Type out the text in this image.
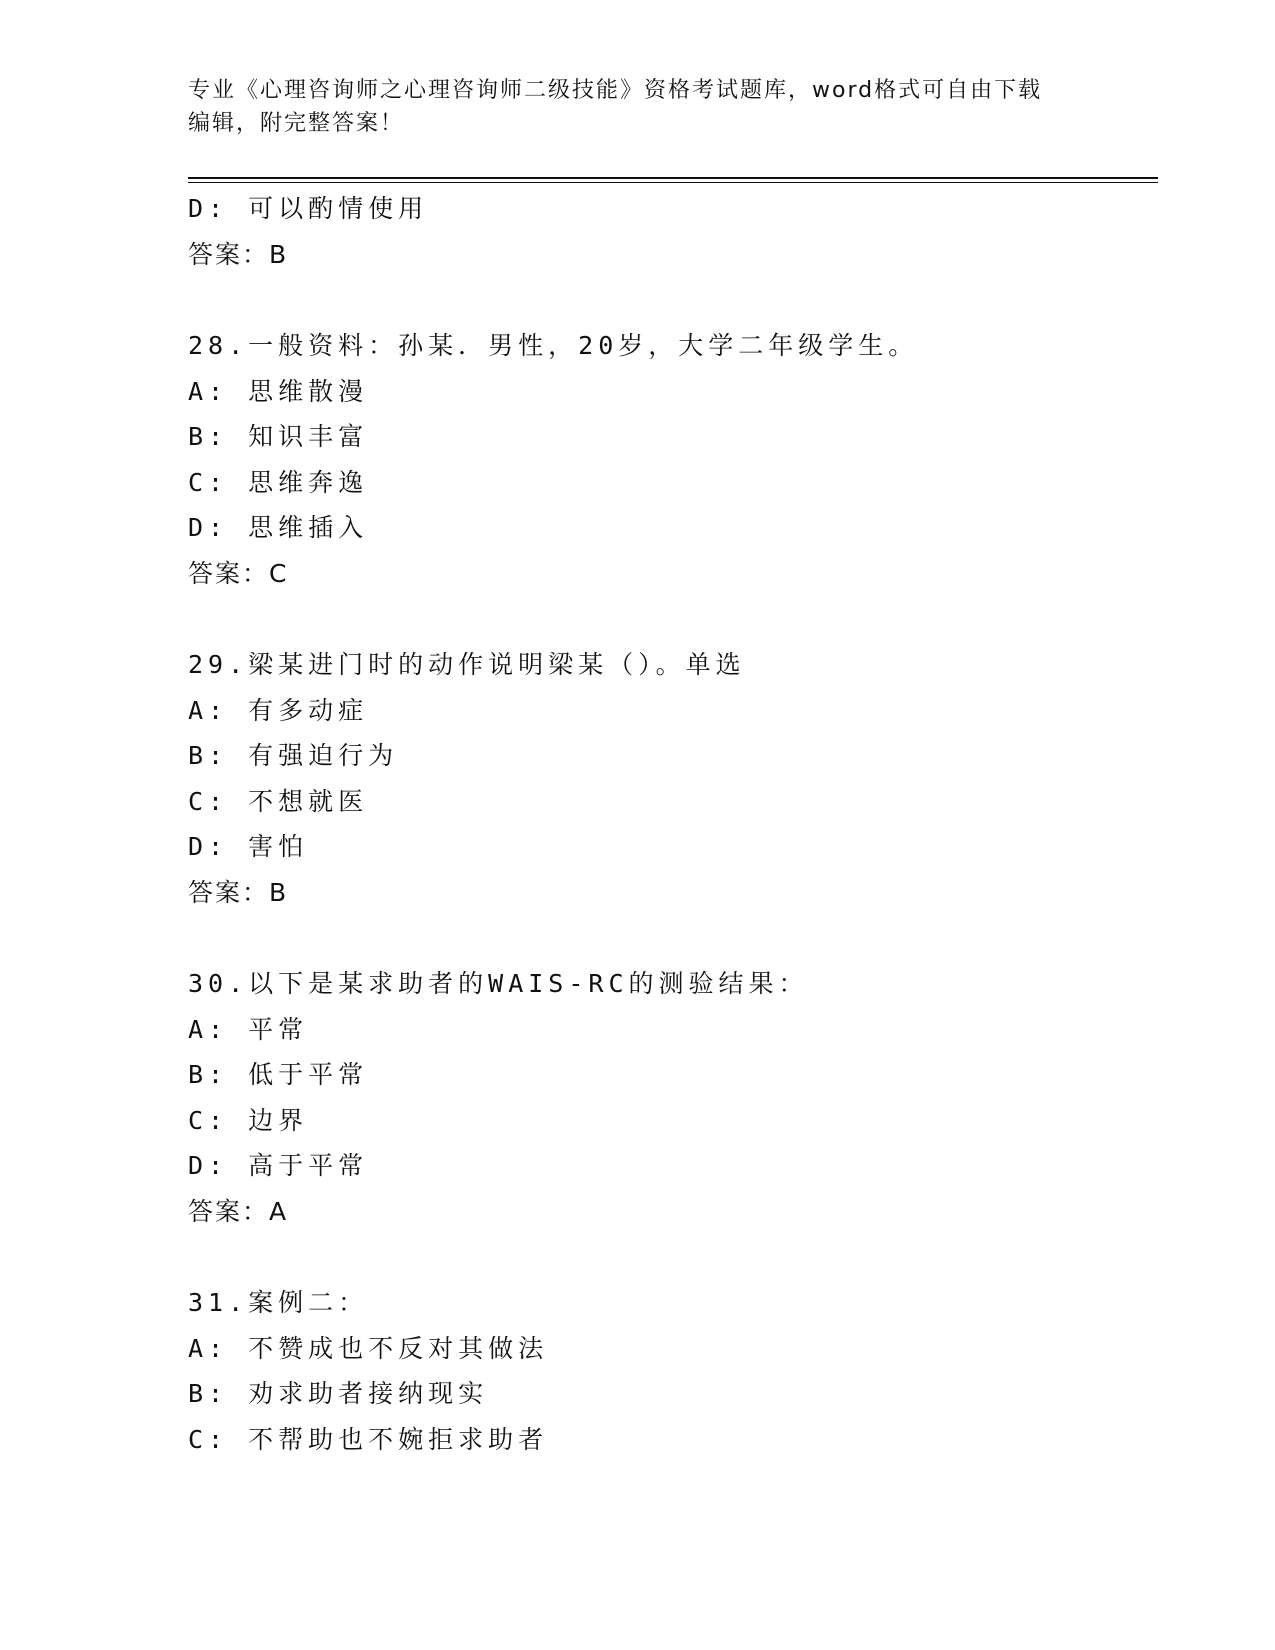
专业《心理咨询师之心理咨询师二级技能》资格考试题库，word格式可自由下载
编辑，附完整答案！
D: 可以酌情使用
答案：B
28.一般资料：孙某．男性，20岁，大学二年级学生。
A: 思维散漫
B: 知识丰富
C: 思维奔逸
D: 思维插入
答案：C
29.梁某进门时的动作说明梁某（）。单选
A: 有多动症
B: 有强迫行为
C: 不想就医
D: 害怕
答案：B
30.以下是某求助者的WAIS-RC的测验结果：
A: 平常
B: 低于平常
C: 边界
D: 高于平常
答案：A
31.案例二：
A: 不赞成也不反对其做法
B: 劝求助者接纳现实
C: 不帮助也不婉拒求助者
